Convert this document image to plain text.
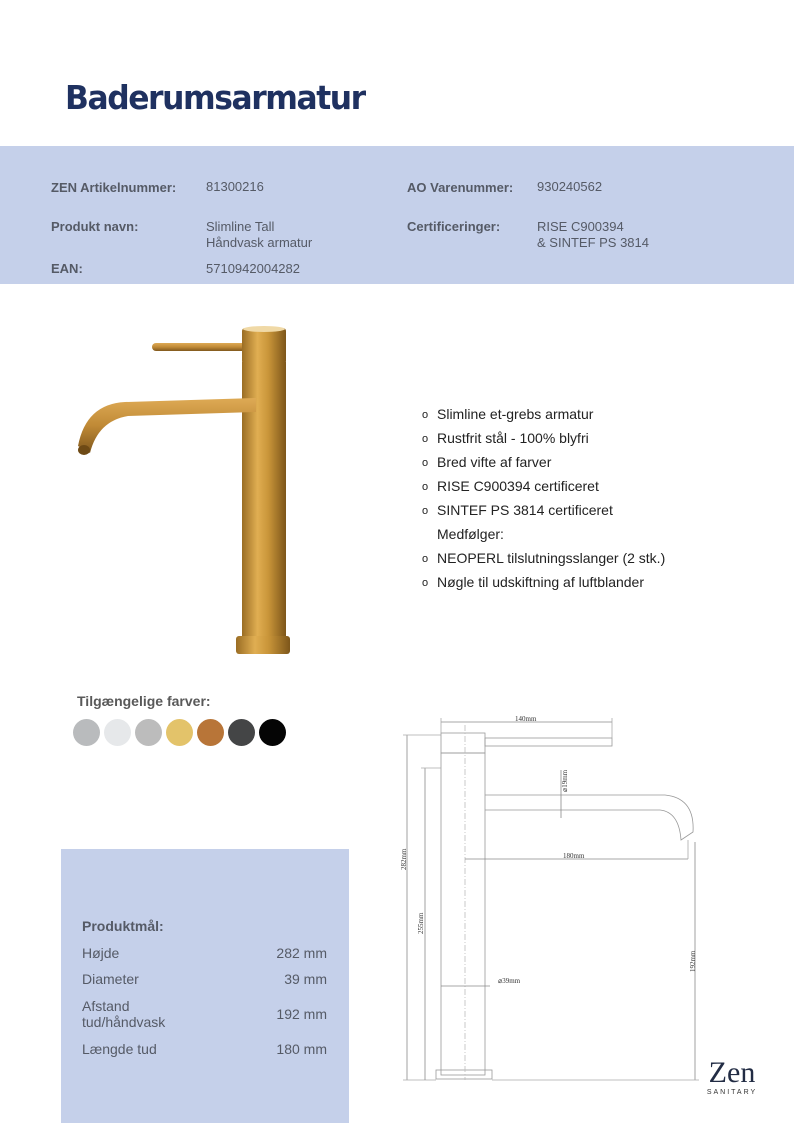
Baderumsarmatur
ZEN Artikelnummer: 81300216	AO Varenummer: 930240562
Produkt navn:	Slimline Tall
Håndvask armatur
Certificeringer:	RISE C900394
& SINTEF PS 3814
EAN:	5710942004282
o Slimline et-grebs armatur
o Rustfrit stål - 100% blyfri
o Bred vifte af farver
o RISE C900394 certificeret
o SINTEF PS 3814 certificeret
Medfølger:
o NEOPERL tilslutningsslanger (2 stk.)
o Nøgle til udskiftning af luftblander
Tilgængelige farver:
Produktmål:
Højde	282 mm
Diameter	39 mm
Afstand
tud/håndvask	192 mm
Længde tud	180 mm
140mm
180mm
⌀39mm
⌀19mm
282mm
255mm
192mm
Zen
SANITARY
